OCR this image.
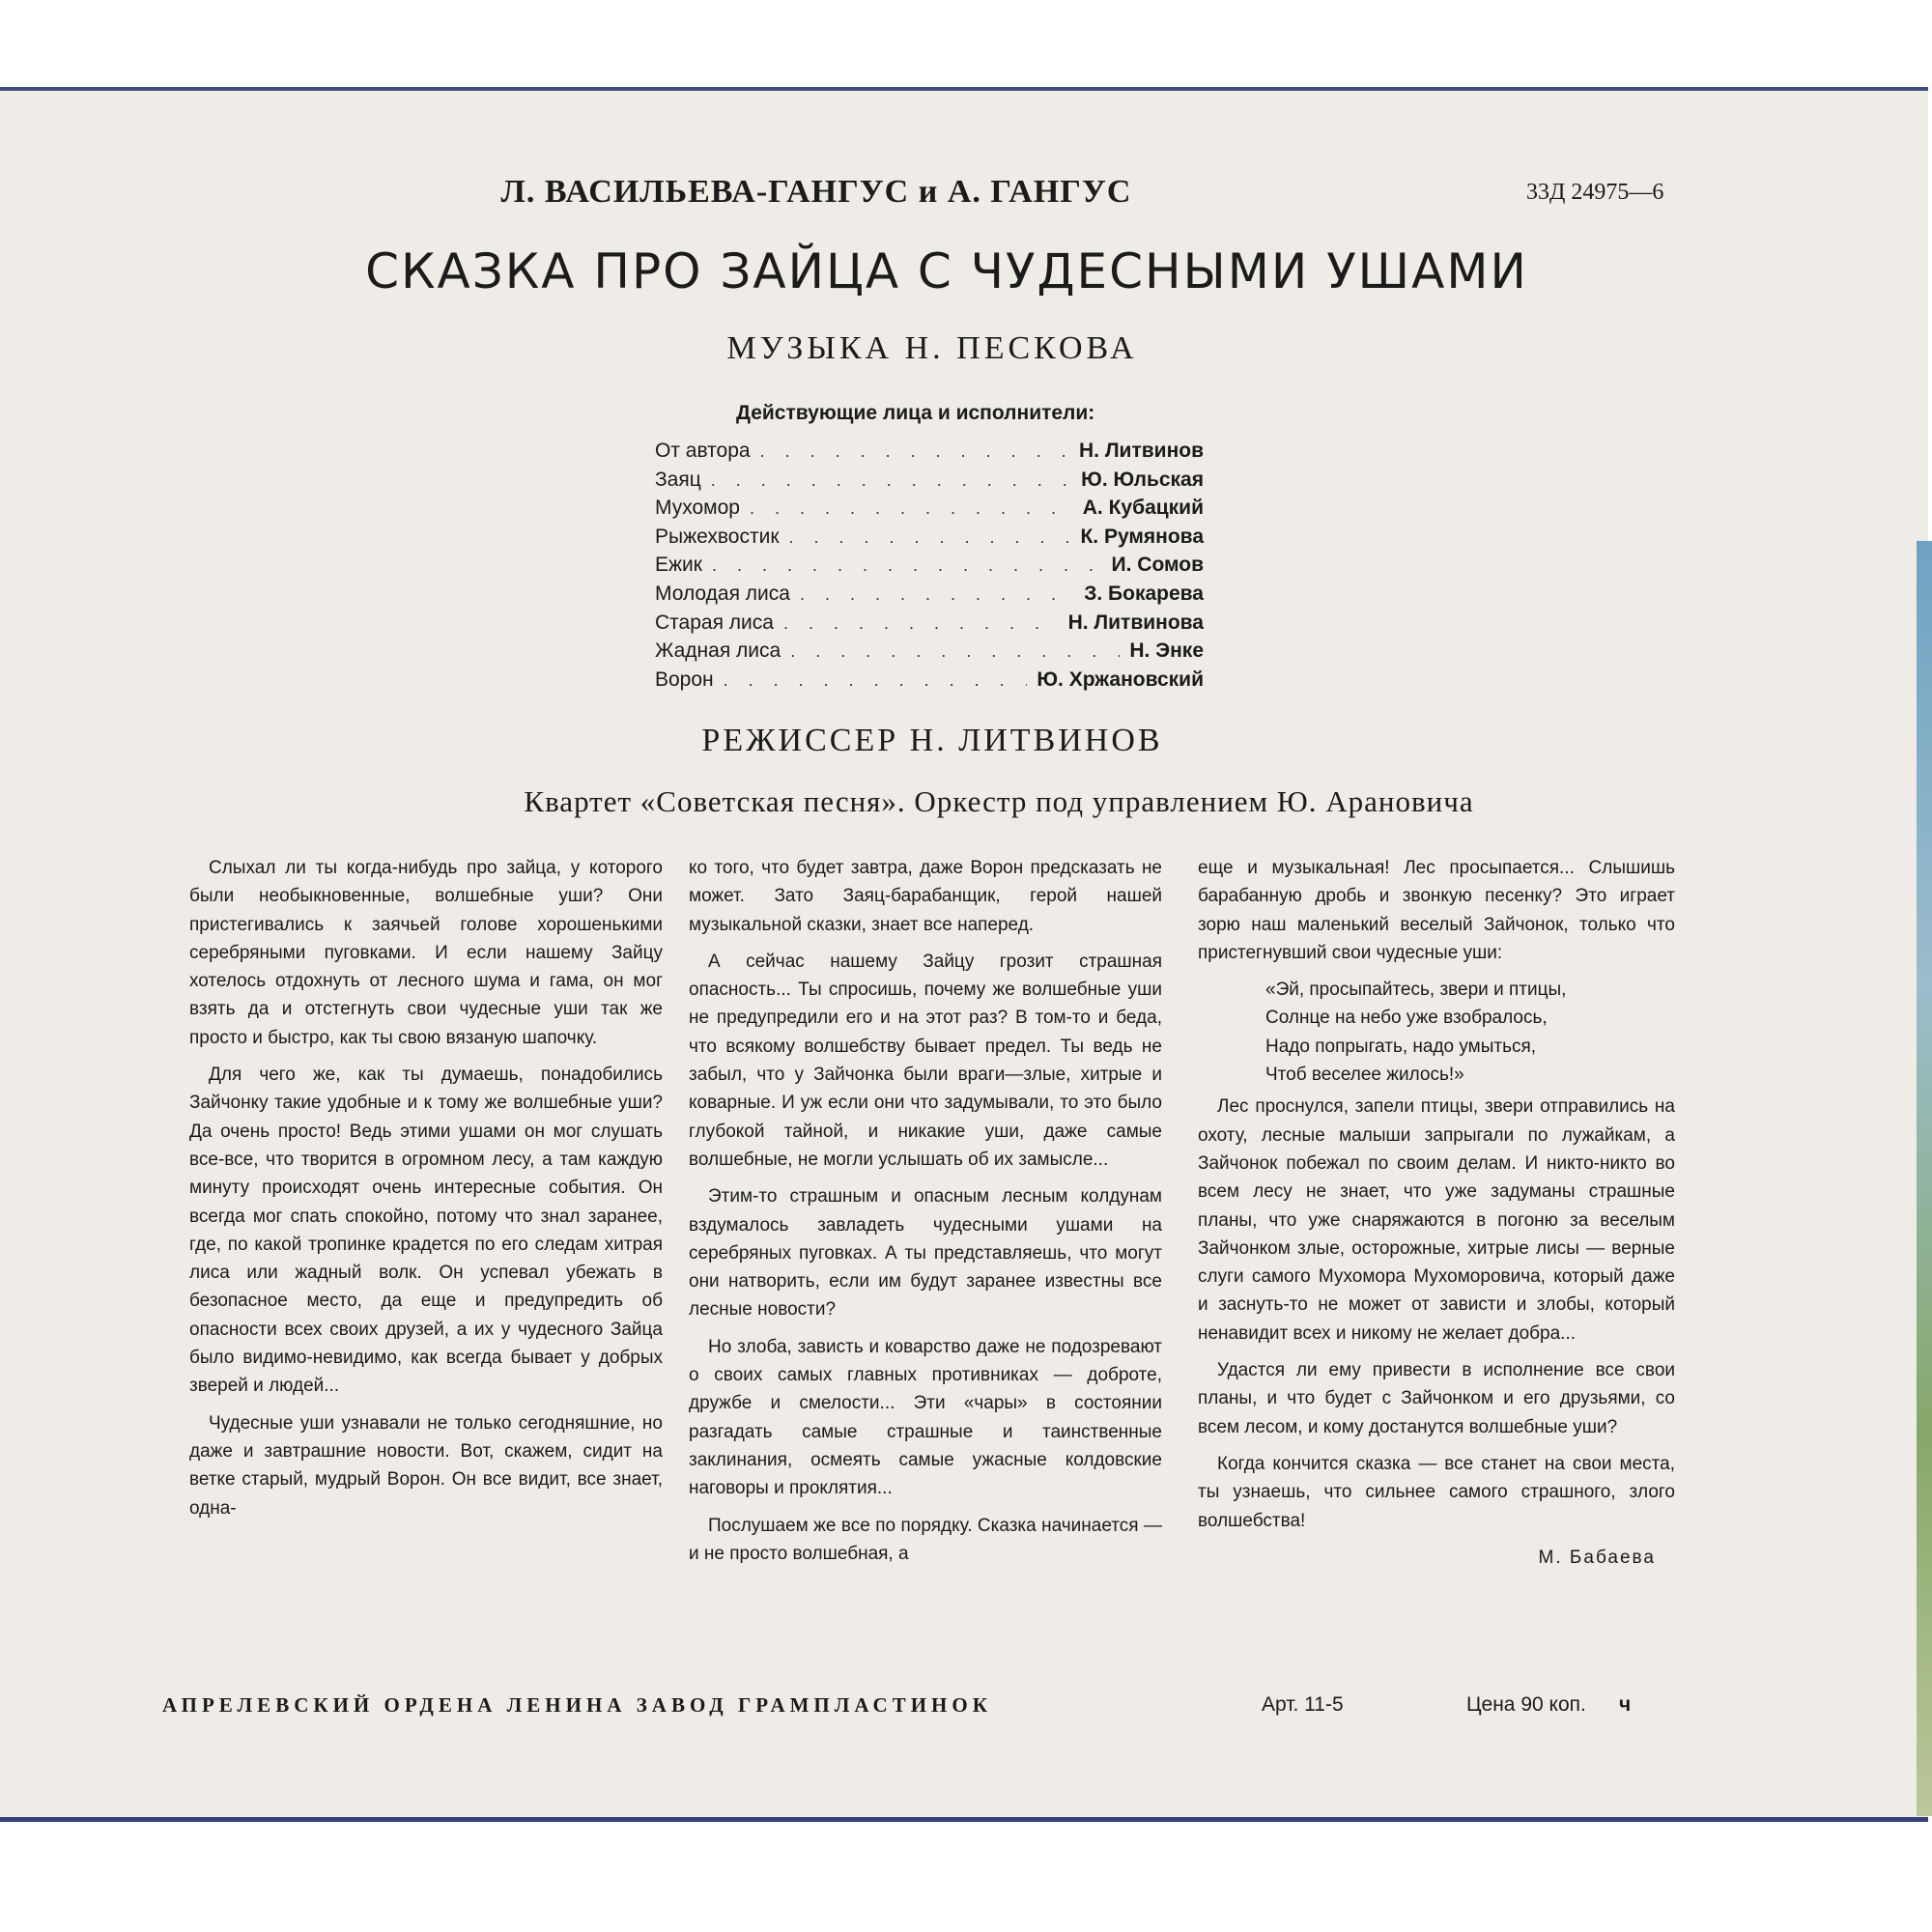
Л. ВАСИЛЬЕВА-ГАНГУС и А. ГАНГУС	33Д 24975—6
СКАЗКА ПРО ЗАЙЦА С ЧУДЕСНЫМИ УШАМИ
МУЗЫКА Н. ПЕСКОВА
Действующие лица и исполнители:
От автора . . .	Н. Литвинов
Заяц . . .	Ю. Юльская
Мухомор . . .	А. Кубацкий
Рыжехвостик . . .	К. Румянова
Ежик . . .	И. Сомов
Молодая лиса . . .	З. Бокарева
Старая лиса . . .	Н. Литвинова
Жадная лиса . . .	Н. Энке
Ворон . . .	Ю. Хржановский
РЕЖИССЕР Н. ЛИТВИНОВ
Квартет «Советская песня». Оркестр под управлением Ю. Арановича

Слыхал ли ты когда-нибудь про зайца, у которого были необыкновенные, волшебные уши? Они пристегивались к заячьей голове хорошенькими серебряными пуговками. И если нашему Зайцу хотелось отдохнуть от лесного шума и гама, он мог взять да и отстегнуть свои чудесные уши так же просто и быстро, как ты свою вязаную шапочку.

Для чего же, как ты думаешь, понадобились Зайчонку такие удобные и к тому же волшебные уши? Да очень просто! Ведь этими ушами он мог слушать все-все, что творится в огромном лесу, а там каждую минуту происходят очень интересные события. Он всегда мог спать спокойно, потому что знал заранее, где, по какой тропинке крадется по его следам хитрая лиса или жадный волк. Он успевал убежать в безопасное место, да еще и предупредить об опасности всех своих друзей, а их у чудесного Зайца было видимо-невидимо, как всегда бывает у добрых зверей и людей...

Чудесные уши узнавали не только сегодняшние, но даже и завтрашние новости. Вот, скажем, сидит на ветке старый, мудрый Ворон. Он все видит, все знает, одна-

ко того, что будет завтра, даже Ворон предсказать не может. Зато Заяц-барабанщик, герой нашей музыкальной сказки, знает все наперед.

А сейчас нашему Зайцу грозит страшная опасность... Ты спросишь, почему же волшебные уши не предупредили его и на этот раз? В том-то и беда, что всякому волшебству бывает предел. Ты ведь не забыл, что у Зайчонка были враги—злые, хитрые и коварные. И уж если они что задумывали, то это было глубокой тайной, и никакие уши, даже самые волшебные, не могли услышать об их замысле...

Этим-то страшным и опасным лесным колдунам вздумалось завладеть чудесными ушами на серебряных пуговках. А ты представляешь, что могут они натворить, если им будут заранее известны все лесные новости?

Но злоба, зависть и коварство даже не подозревают о своих самых главных противниках — доброте, дружбе и смелости... Эти «чары» в состоянии разгадать самые страшные и таинственные заклинания, осмеять самые ужасные колдовские наговоры и проклятия...

Послушаем же все по порядку. Сказка начинается — и не просто волшебная, а

еще и музыкальная! Лес просыпается... Слышишь барабанную дробь и звонкую песенку? Это играет зорю наш маленький веселый Зайчонок, только что пристегнувший свои чудесные уши:

«Эй, просыпайтесь, звери и птицы,
Солнце на небо уже взобралось,
Надо попрыгать, надо умыться,
Чтоб веселее жилось!»

Лес проснулся, запели птицы, звери отправились на охоту, лесные малыши запрыгали по лужайкам, а Зайчонок побежал по своим делам. И никто-никто во всем лесу не знает, что уже задуманы страшные планы, что уже снаряжаются в погоню за веселым Зайчонком злые, осторожные, хитрые лисы — верные слуги самого Мухомора Мухоморовича, который даже и заснуть-то не может от зависти и злобы, который ненавидит всех и никому не желает добра...

Удастся ли ему привести в исполнение все свои планы, и что будет с Зайчонком и его друзьями, со всем лесом, и кому достанутся волшебные уши?

Когда кончится сказка — все станет на свои места, ты узнаешь, что сильнее самого страшного, злого волшебства!

М. Бабаева
АПРЕЛЕВСКИЙ ОРДЕНА ЛЕНИНА ЗАВОД ГРАМПЛАСТИНОК	Арт. 11-5	Цена 90 коп. ч
